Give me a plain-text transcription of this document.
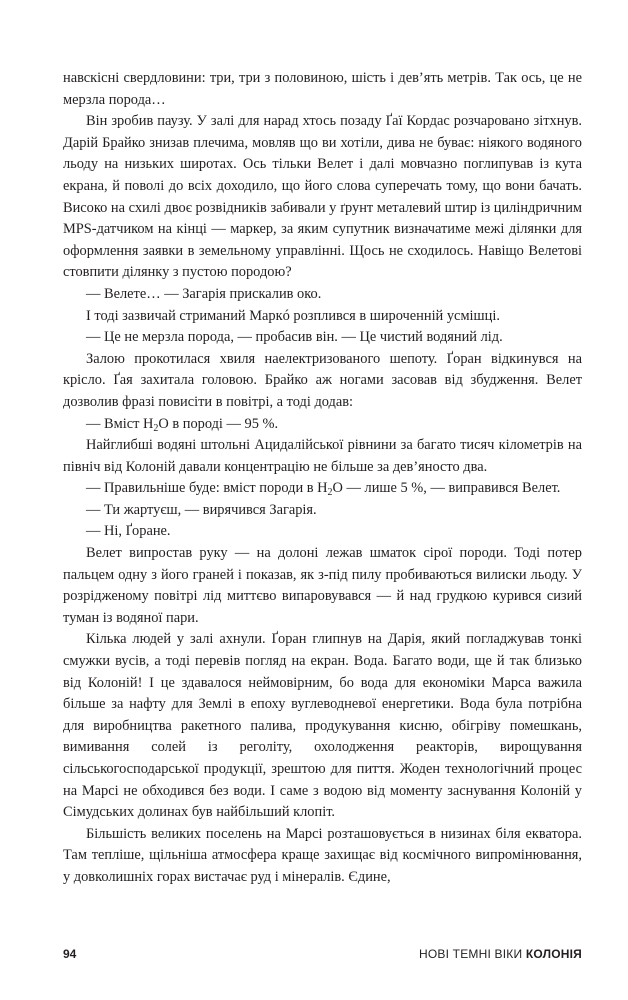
навскісні свердловини: три, три з половиною, шість і дев’ять метрів. Так ось, це не мерзла порода…

Він зробив паузу. У залі для нарад хтось позаду Ґаї Кордас розчаровано зітхнув. Дарій Брайко знизав плечима, мовляв що ви хотіли, дива не буває: ніякого водяного льоду на низьких широтах. Ось тільки Велет і далі мовчазно поглипував із кута екрана, й поволі до всіх доходило, що його слова суперечать тому, що вони бачать. Високо на схилі двоє розвідників забивали у ґрунт металевий штир із циліндричним MPS-датчиком на кінці — маркер, за яким супутник визначатиме межі ділянки для оформлення заявки в земельному управлінні. Щось не сходилось. Навіщо Велетові стовпити ділянку з пустою породою?

— Велете… — Загарія прискалив око.

І тоді зазвичай стриманий Маркó розплився в широченній усмішці.

— Це не мерзла порода, — пробасив він. — Це чистий водяний лід.

Залою прокотилася хвиля наелектризованого шепоту. Ґоран відкинувся на крісло. Ґая захитала головою. Брайко аж ногами засовав від збудження. Велет дозволив фразі повисіти в повітрі, а тоді додав:

— Вміст $H_2O$ в породі — 95 %.

Найглибші водяні штольні Ацидалійської рівнини за багато тисяч кілометрів на північ від Колоній давали концентрацію не більше за дев’яносто два.

— Правильніше буде: вміст породи в $H_2O$ — лише 5 %, — виправився Велет.

— Ти жартуєш, — вирячився Загарія.

— Ні, Ґоране.

Велет випростав руку — на долоні лежав шматок сірої породи. Тоді потер пальцем одну з його граней і показав, як з-під пилу пробиваються вилиски льоду. У розрідженому повітрі лід миттєво випаровувався — й над грудкою курився сизий туман із водяної пари.

Кілька людей у залі ахнули. Ґоран глипнув на Дарія, який погладжував тонкі смужки вусів, а тоді перевів погляд на екран. Вода. Багато води, ще й так близько від Колоній! І це здавалося неймовірним, бо вода для економіки Марса важила більше за нафту для Землі в епоху вуглеводневої енергетики. Вода була потрібна для виробництва ракетного палива, продукування кисню, обігріву помешкань, вимивання солей із реголіту, охолодження реакторів, вирощування сільськогосподарської продукції, зрештою для пиття. Жоден технологічний процес на Марсі не обходився без води. І саме з водою від моменту заснування Колоній у Сімудських долинах був найбільший клопіт.

Більшість великих поселень на Марсі розташовується в низинах біля екватора. Там тепліше, щільніша атмосфера краще захищає від космічного випромінювання, у довколишніх горах вистачає руд і мінералів. Єдине,

94	НОВІ ТЕМНІ ВІКИ КОЛОНІЯ
